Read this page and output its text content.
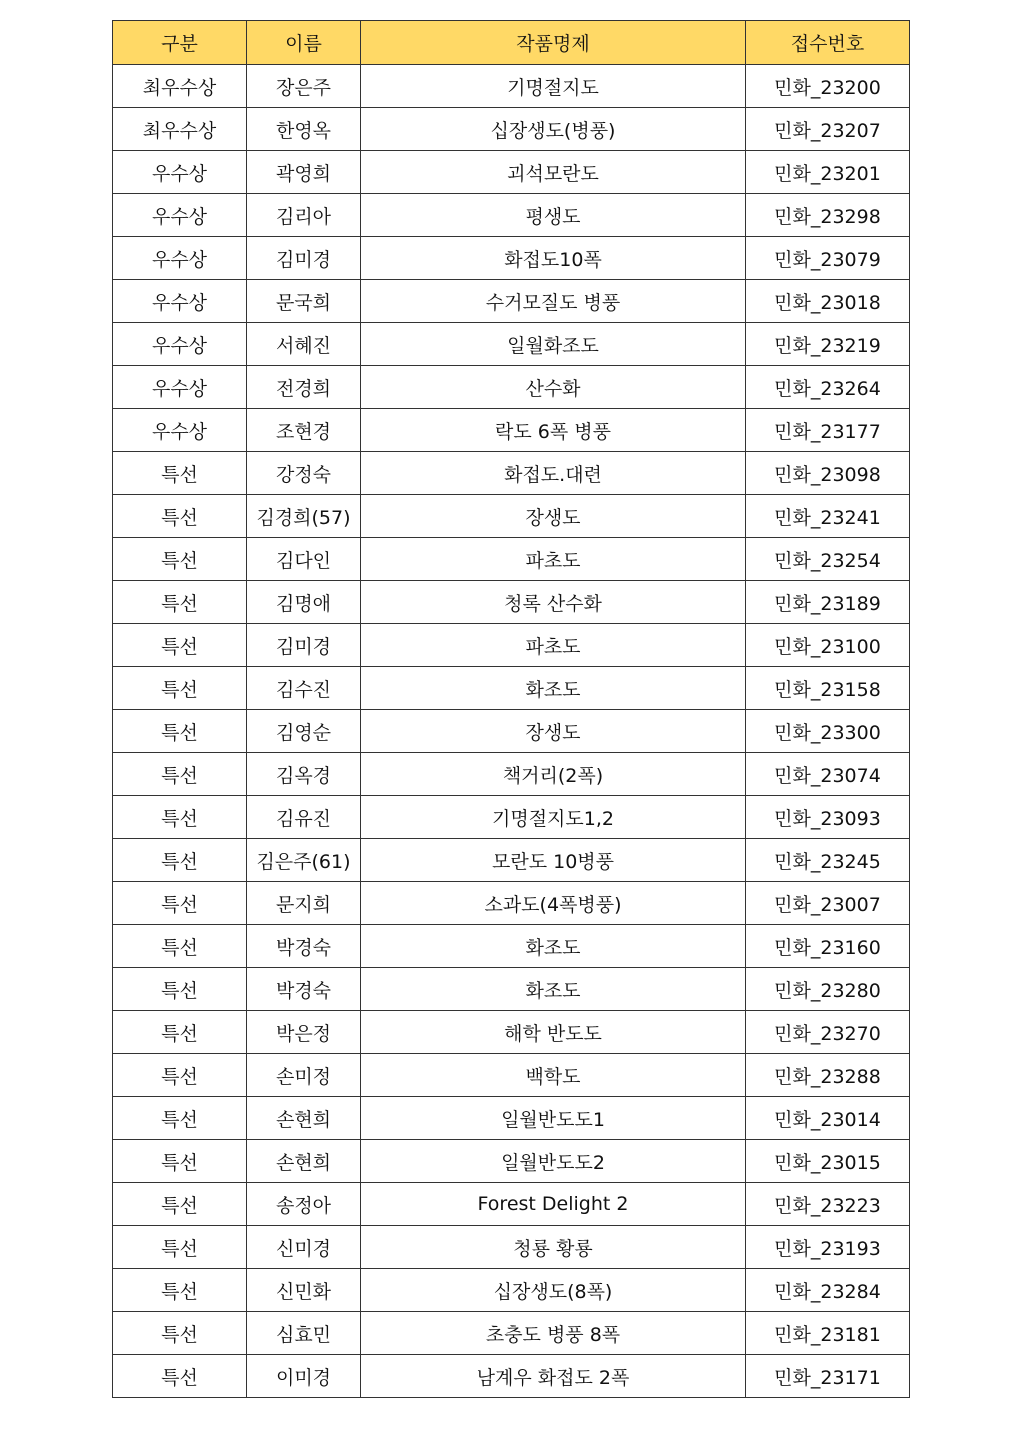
구분	이름	작품명제	접수번호
최우수상	장은주	기명절지도	민화_23200
최우수상	한영옥	십장생도(병풍)	민화_23207
우수상	곽영희	괴석모란도	민화_23201
우수상	김리아	평생도	민화_23298
우수상	김미경	화접도10폭	민화_23079
우수상	문국희	수거모질도 병풍	민화_23018
우수상	서혜진	일월화조도	민화_23219
우수상	전경희	산수화	민화_23264
우수상	조현경	락도 6폭 병풍	민화_23177
특선	강정숙	화접도.대련	민화_23098
특선	김경희(57)	장생도	민화_23241
특선	김다인	파초도	민화_23254
특선	김명애	청록 산수화	민화_23189
특선	김미경	파초도	민화_23100
특선	김수진	화조도	민화_23158
특선	김영순	장생도	민화_23300
특선	김옥경	책거리(2폭)	민화_23074
특선	김유진	기명절지도1,2	민화_23093
특선	김은주(61)	모란도 10병풍	민화_23245
특선	문지희	소과도(4폭병풍)	민화_23007
특선	박경숙	화조도	민화_23160
특선	박경숙	화조도	민화_23280
특선	박은정	해학 반도도	민화_23270
특선	손미정	백학도	민화_23288
특선	손현희	일월반도도1	민화_23014
특선	손현희	일월반도도2	민화_23015
특선	송정아	Forest Delight 2	민화_23223
특선	신미경	청룡 황룡	민화_23193
특선	신민화	십장생도(8폭)	민화_23284
특선	심효민	초충도 병풍 8폭	민화_23181
특선	이미경	남계우 화접도 2폭	민화_23171
